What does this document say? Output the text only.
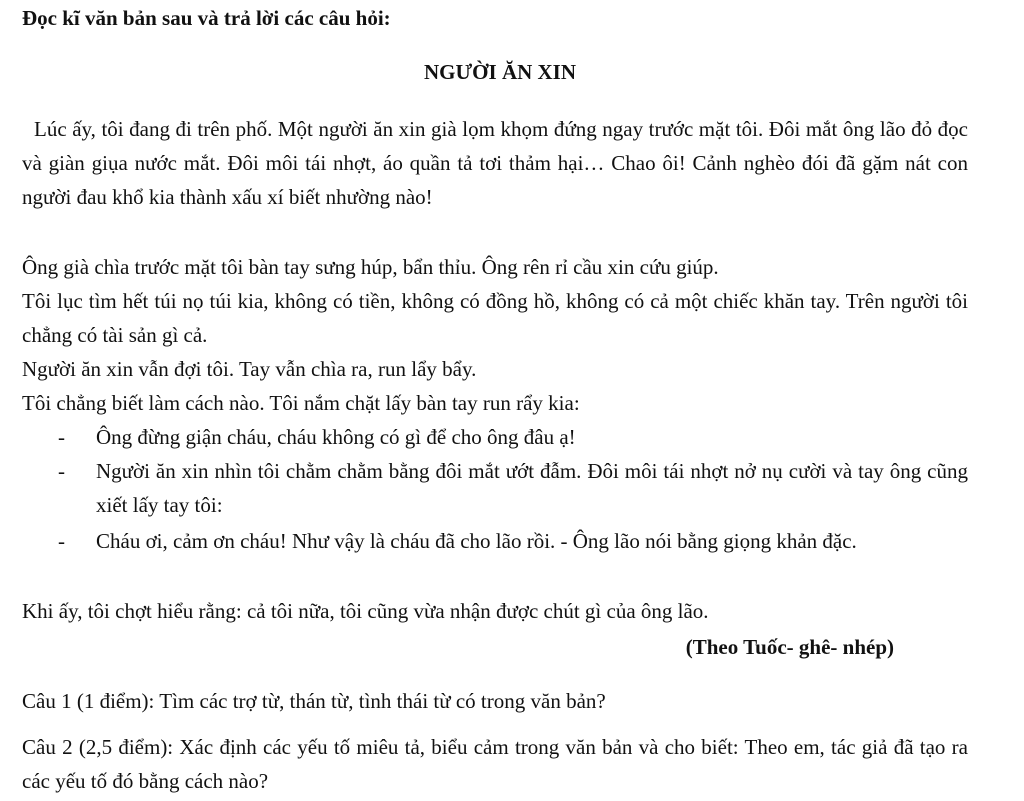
Đọc kĩ văn bản sau và trả lời các câu hỏi:
NGƯỜI ĂN XIN
Lúc ấy, tôi đang đi trên phố. Một người ăn xin già lọm khọm đứng ngay trước mặt tôi. Đôi mắt ông lão đỏ đọc và giàn giụa nước mắt. Đôi môi tái nhợt, áo quần tả tơi thảm hại… Chao ôi! Cảnh nghèo đói đã gặm nát con người đau khổ kia thành xấu xí biết nhường nào!
Ông già chìa trước mặt tôi bàn tay sưng húp, bẩn thỉu. Ông rên rỉ cầu xin cứu giúp.
Tôi lục tìm hết túi nọ túi kia, không có tiền, không có đồng hồ, không có cả một chiếc khăn tay. Trên người tôi chẳng có tài sản gì cả.
Người ăn xin vẫn đợi tôi. Tay vẫn chìa ra, run lẩy bẩy.
Tôi chẳng biết làm cách nào. Tôi nắm chặt lấy bàn tay run rẩy kia:
- Ông đừng giận cháu, cháu không có gì để cho ông đâu ạ!
- Người ăn xin nhìn tôi chằm chằm bằng đôi mắt ướt đẫm. Đôi môi tái nhợt nở nụ cười và tay ông cũng xiết lấy tay tôi:
- Cháu ơi, cảm ơn cháu! Như vậy là cháu đã cho lão rồi. - Ông lão nói bằng giọng khản đặc.
Khi ấy, tôi chợt hiểu rằng: cả tôi nữa, tôi cũng vừa nhận được chút gì của ông lão.
(Theo Tuốc- ghê- nhép)
Câu 1 (1 điểm): Tìm các trợ từ, thán từ, tình thái từ có trong văn bản?
Câu 2 (2,5 điểm): Xác định các yếu tố miêu tả, biểu cảm trong văn bản và cho biết: Theo em, tác giả đã tạo ra các yếu tố đó bằng cách nào?
